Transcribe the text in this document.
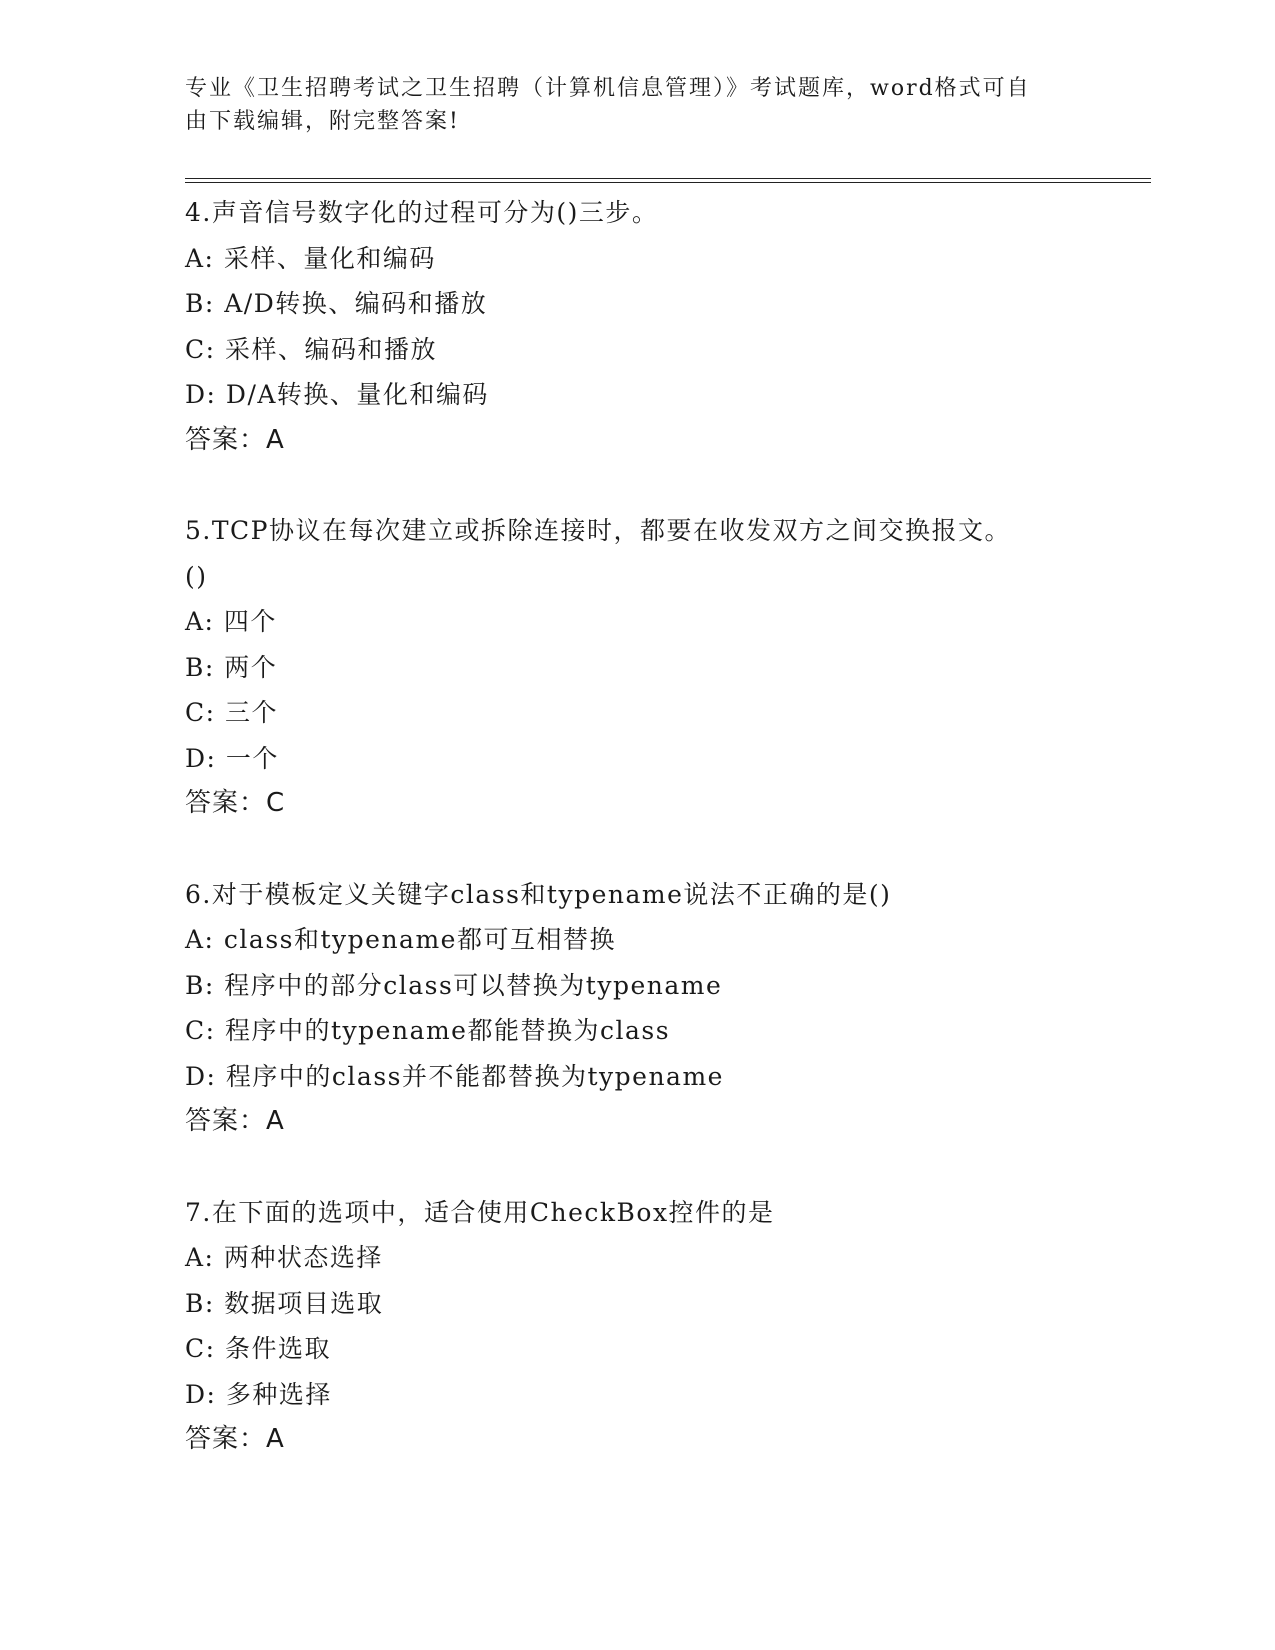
专业《卫生招聘考试之卫生招聘（计算机信息管理）》考试题库，word格式可自
由下载编辑，附完整答案!
4.声音信号数字化的过程可分为()三步。
A: 采样、量化和编码
B: A/D转换、编码和播放
C: 采样、编码和播放
D: D/A转换、量化和编码
答案：A
5.TCP协议在每次建立或拆除连接时，都要在收发双方之间交换报文。
()
A: 四个
B: 两个
C: 三个
D: 一个
答案：C
6.对于模板定义关键字class和typename说法不正确的是()
A: class和typename都可互相替换
B: 程序中的部分class可以替换为typename
C: 程序中的typename都能替换为class
D: 程序中的class并不能都替换为typename
答案：A
7.在下面的选项中，适合使用CheckBox控件的是
A: 两种状态选择
B: 数据项目选取
C: 条件选取
D: 多种选择
答案：A
